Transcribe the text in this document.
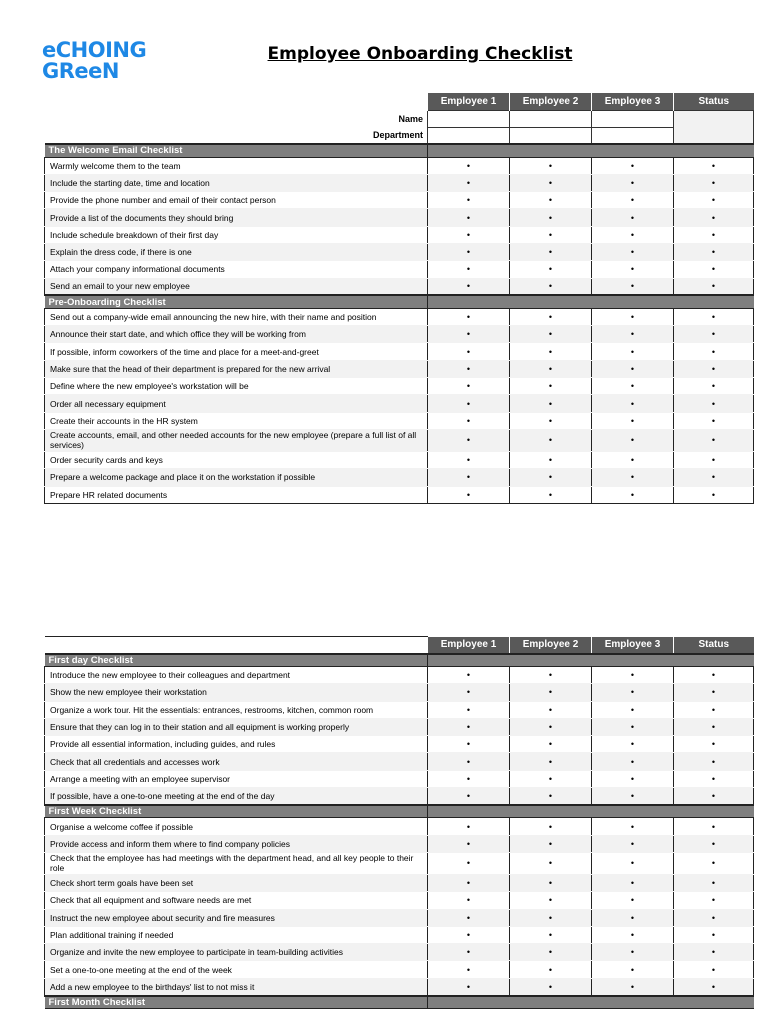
eCHOING
GReeN
Employee Onboarding Checklist
	Employee 1	Employee 2	Employee 3	Status
Name				
Department				
The Welcome Email Checklist				
Warmly welcome them to the team	•	•	•	•
Include the starting date, time and location	•	•	•	•
Provide the phone number and email of their contact person	•	•	•	•
Provide a list of the documents they should bring	•	•	•	•
Include schedule breakdown of their first day	•	•	•	•
Explain the dress code, if there is one	•	•	•	•
Attach your company informational documents	•	•	•	•
Send an email to your new employee	•	•	•	•
Pre-Onboarding Checklist				
Send out a company-wide email announcing the new hire, with their name and position	•	•	•	•
Announce their start date, and which office they will be working from	•	•	•	•
If possible, inform coworkers of the time and place for a meet-and-greet	•	•	•	•
Make sure that the head of their department is prepared for the new arrival	•	•	•	•
Define where the new employee's workstation will be	•	•	•	•
Order all necessary equipment	•	•	•	•
Create their accounts in the HR system	•	•	•	•
Create accounts, email, and other needed accounts for the new employee (prepare a full list of all services)	•	•	•	•
Order security cards and keys	•	•	•	•
Prepare a welcome package and place it on the workstation if possible	•	•	•	•
Prepare HR related documents	•	•	•	•
	Employee 1	Employee 2	Employee 3	Status
First day Checklist				
Introduce the new employee to their colleagues and department	•	•	•	•
Show the new employee their workstation	•	•	•	•
Organize a work tour. Hit the essentials: entrances, restrooms, kitchen, common room	•	•	•	•
Ensure that they can log in to their station and all equipment is working properly	•	•	•	•
Provide all essential information, including guides, and rules	•	•	•	•
Check that all credentials and accesses work	•	•	•	•
Arrange a meeting with an employee supervisor	•	•	•	•
If possible, have a one-to-one meeting at the end of the day	•	•	•	•
First Week Checklist				
Organise a welcome coffee if possible	•	•	•	•
Provide access and inform them where to find company policies	•	•	•	•
Check that the employee has had meetings with the department head, and all key people to their role	•	•	•	•
Check short term goals have been set	•	•	•	•
Check that all equipment and software needs are met	•	•	•	•
Instruct the new employee about security and fire measures	•	•	•	•
Plan additional training if needed	•	•	•	•
Organize and invite the new employee to participate in team-building activities	•	•	•	•
Set a one-to-one meeting at the end of the week	•	•	•	•
Add a new employee to the birthdays' list to not miss it	•	•	•	•
First Month Checklist				
